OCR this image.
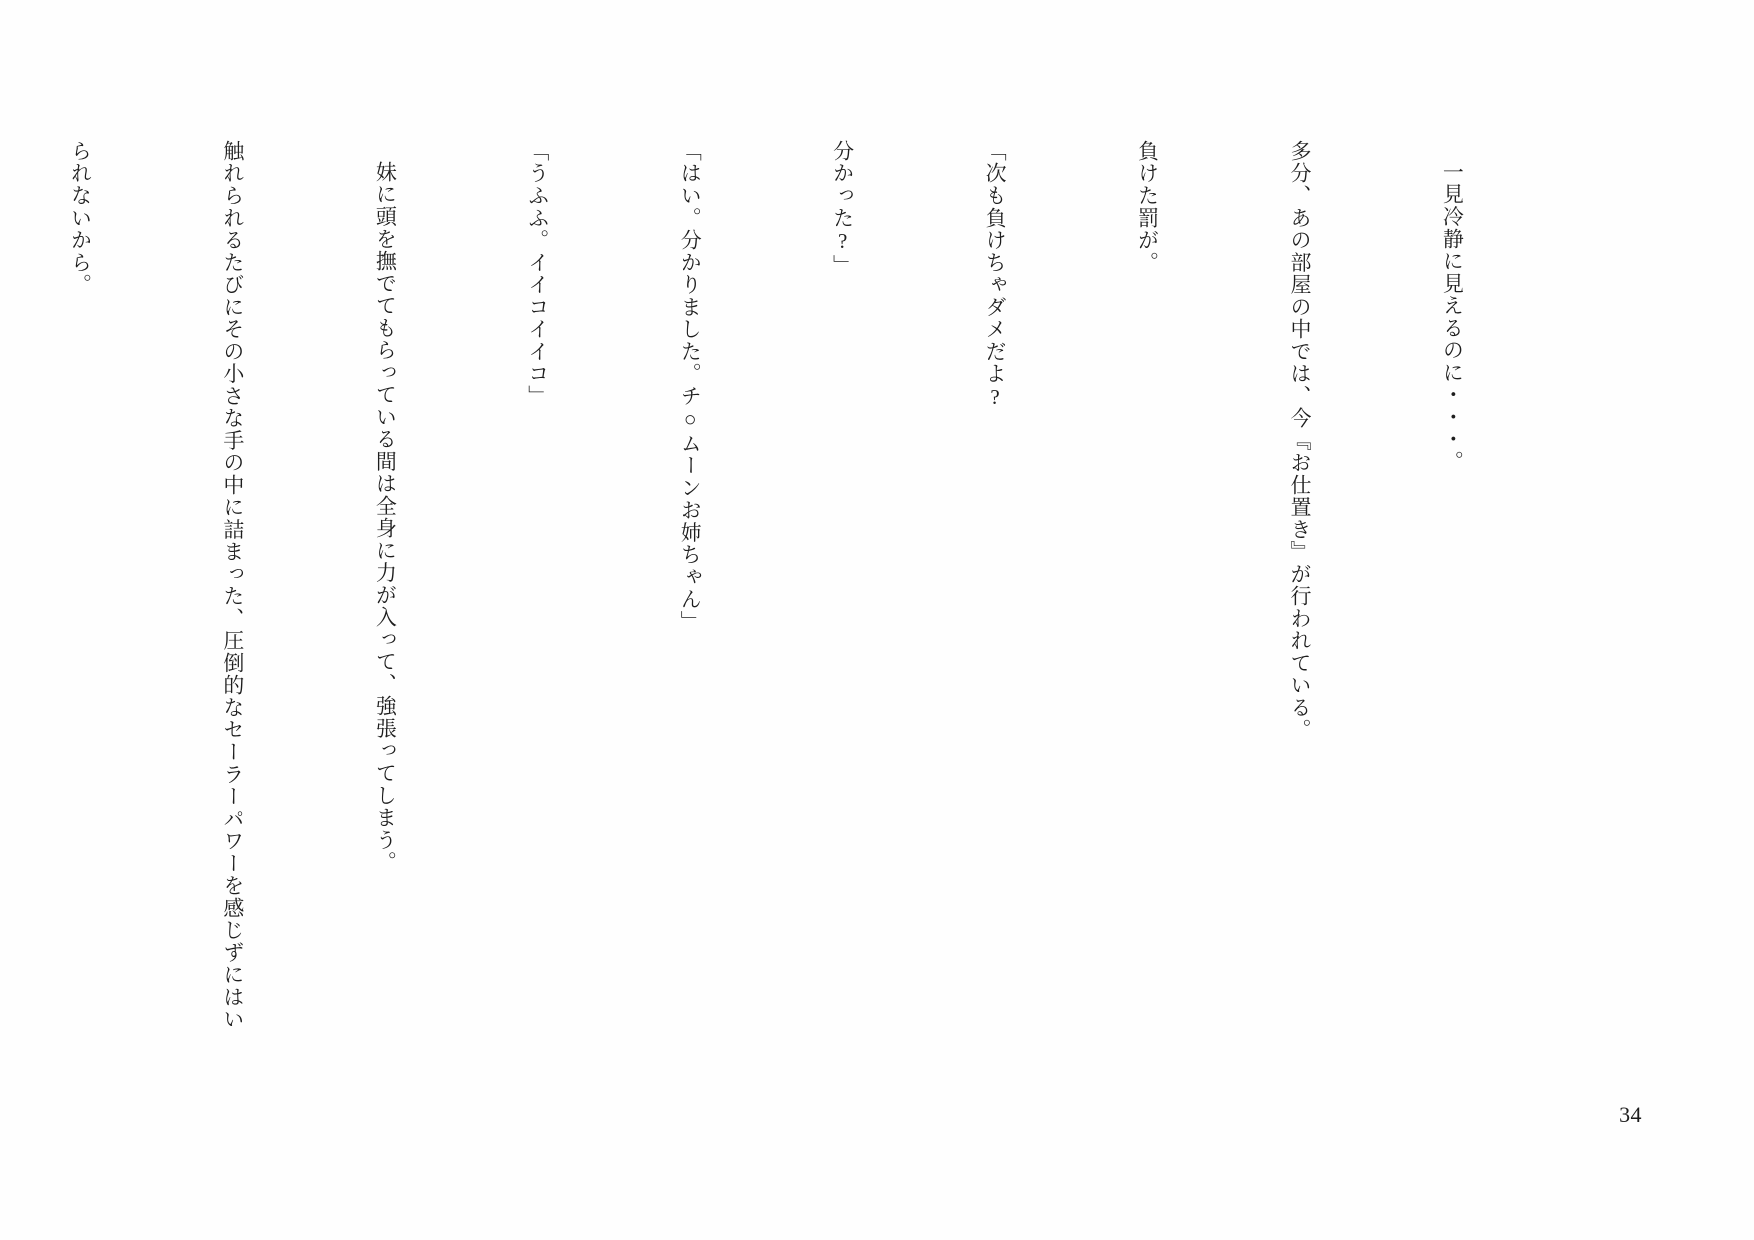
一見冷静に見えるのに・・・。

多分、あの部屋の中では、今『お仕置き』が行われている。

負けた罰が。

「次も負けちゃダメだよ?

分かった?」

「はい。分かりました。チ○ムーンお姉ちゃん」

「うふふ。イイコイイコ」

妹に頭を撫でてもらっている間は全身に力が入って、強張ってしまう。

触れられるたびにその小さな手の中に詰まった、圧倒的なセーラーパワーを感じずにはい

られないから。

34
